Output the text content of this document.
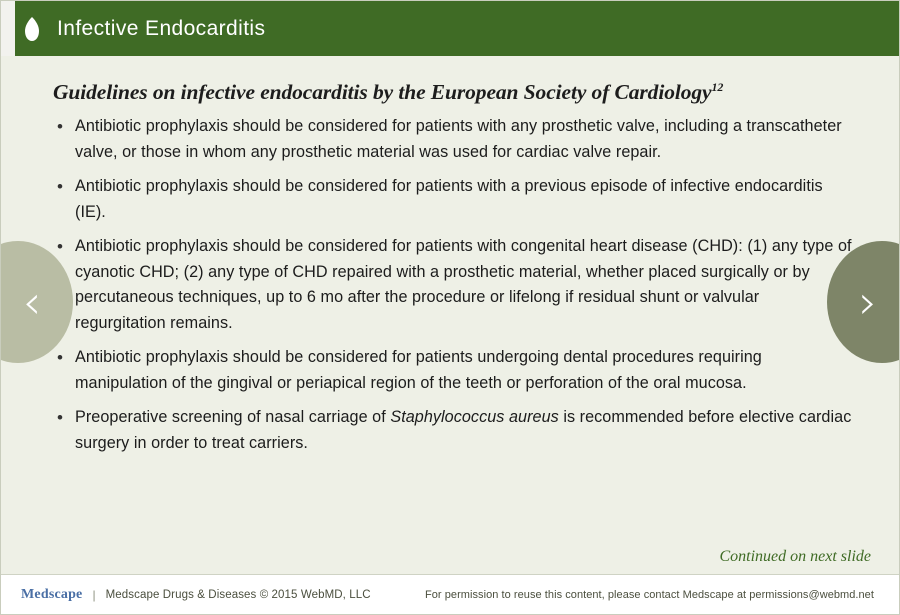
Infective Endocarditis
Guidelines on infective endocarditis by the European Society of Cardiology$^{12}$
• Antibiotic prophylaxis should be considered for patients with any prosthetic valve, including a transcatheter valve, or those in whom any prosthetic material was used for cardiac valve repair.
• Antibiotic prophylaxis should be considered for patients with a previous episode of infective endocarditis (IE).
• Antibiotic prophylaxis should be considered for patients with congenital heart disease (CHD): (1) any type of cyanotic CHD; (2) any type of CHD repaired with a prosthetic material, whether placed surgically or by percutaneous techniques, up to 6 mo after the procedure or lifelong if residual shunt or valvular regurgitation remains.
• Antibiotic prophylaxis should be considered for patients undergoing dental procedures requiring manipulation of the gingival or periapical region of the teeth or perforation of the oral mucosa.
• Preoperative screening of nasal carriage of Staphylococcus aureus is recommended before elective cardiac surgery in order to treat carriers.
Continued on next slide
‹	›
Medscape | Medscape Drugs & Diseases © 2015 WebMD, LLC	For permission to reuse this content, please contact Medscape at permissions@webmd.net
